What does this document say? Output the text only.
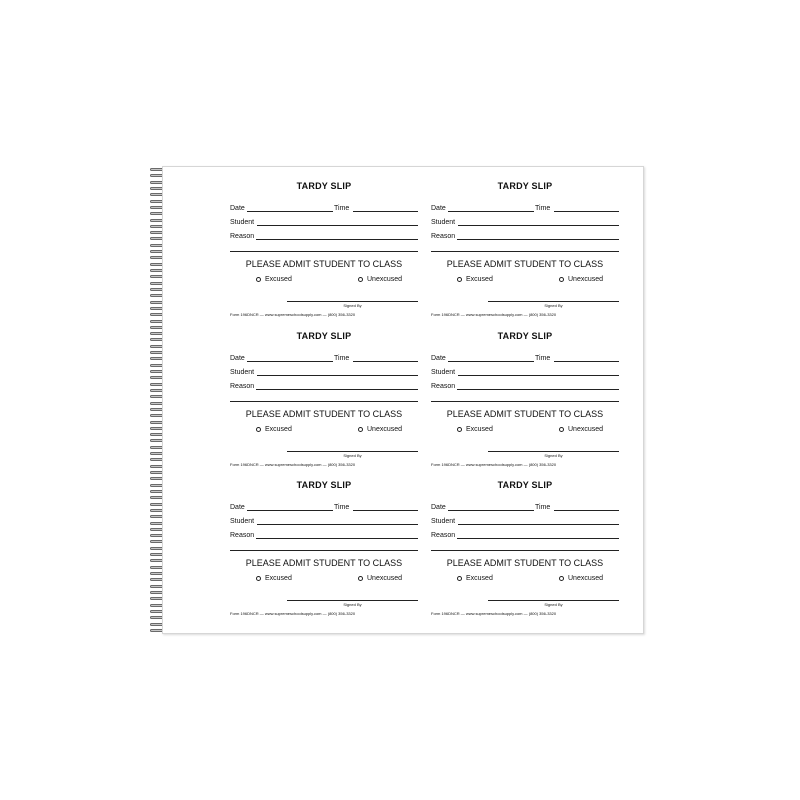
TARDY SLIP
Date	Time
Student
Reason
PLEASE ADMIT STUDENT TO CLASS
Excused	Unexcused
Signed By
Form 196DNCR — www.supremeschoolsupply.com — (800) 356-3320
TARDY SLIP
Date	Time
Student
Reason
PLEASE ADMIT STUDENT TO CLASS
Excused	Unexcused
Signed By
Form 196DNCR — www.supremeschoolsupply.com — (800) 356-3320
TARDY SLIP
Date	Time
Student
Reason
PLEASE ADMIT STUDENT TO CLASS
Excused	Unexcused
Signed By
Form 196DNCR — www.supremeschoolsupply.com — (800) 356-3320
TARDY SLIP
Date	Time
Student
Reason
PLEASE ADMIT STUDENT TO CLASS
Excused	Unexcused
Signed By
Form 196DNCR — www.supremeschoolsupply.com — (800) 356-3320
TARDY SLIP
Date	Time
Student
Reason
PLEASE ADMIT STUDENT TO CLASS
Excused	Unexcused
Signed By
Form 196DNCR — www.supremeschoolsupply.com — (800) 356-3320
TARDY SLIP
Date	Time
Student
Reason
PLEASE ADMIT STUDENT TO CLASS
Excused	Unexcused
Signed By
Form 196DNCR — www.supremeschoolsupply.com — (800) 356-3320
